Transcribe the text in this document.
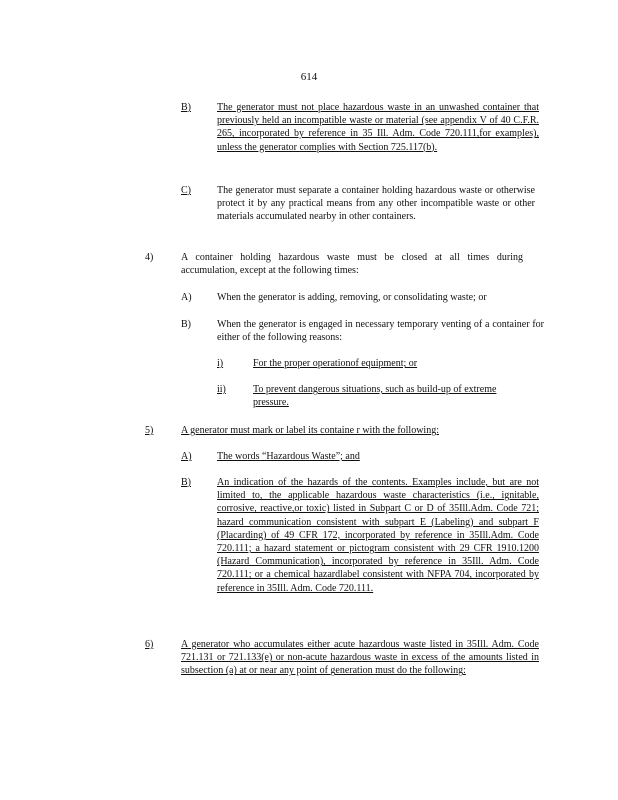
614
B)	The generator must not place hazardous waste in an unwashed container that previously held an incompatible waste or material (see appendix V of 40 C.F.R. 265, incorporated by reference in 35 Ill. Adm. Code 720.111,for examples), unless the generator complies with Section 725.117(b).
C)	The generator must separate a container holding hazardous waste or otherwise protect it by any practical means from any other incompatible waste or other materials accumulated nearby in other containers.
4)	A container holding hazardous waste must be closed at all times during accumulation, except at the following times:
A)	When the generator is adding, removing, or consolidating waste; or
B)	When the generator is engaged in necessary temporary venting of a container for either of the following reasons:
i)	For the proper operationof equipment; or
ii)	To prevent dangerous situations, such as build-up of extreme pressure.
5)	A generator must mark or label its containe r with the following:
A)	The words “Hazardous Waste”; and
B)	An indication of the hazards of the contents. Examples include, but are not limited to, the applicable hazardous waste characteristics (i.e., ignitable, corrosive, reactive,or toxic) listed in Subpart C or D of 35Ill.Adm. Code 721; hazard communication consistent with subpart E (Labeling) and subpart F (Placarding) of 49 CFR 172, incorporated by reference in 35Ill.Adm. Code 720.111; a hazard statement or pictogram consistent with 29 CFR 1910.1200 (Hazard Communication), incorporated by reference in 35Ill. Adm. Code 720.111; or a chemical hazardlabel consistent with NFPA 704, incorporated by reference in 35Ill. Adm. Code 720.111.
6)	A generator who accumulates either acute hazardous waste listed in 35Ill. Adm. Code 721.131 or 721.133(e) or non-acute hazardous waste in excess of the amounts listed in subsection (a) at or near any point of generation must do the following:
